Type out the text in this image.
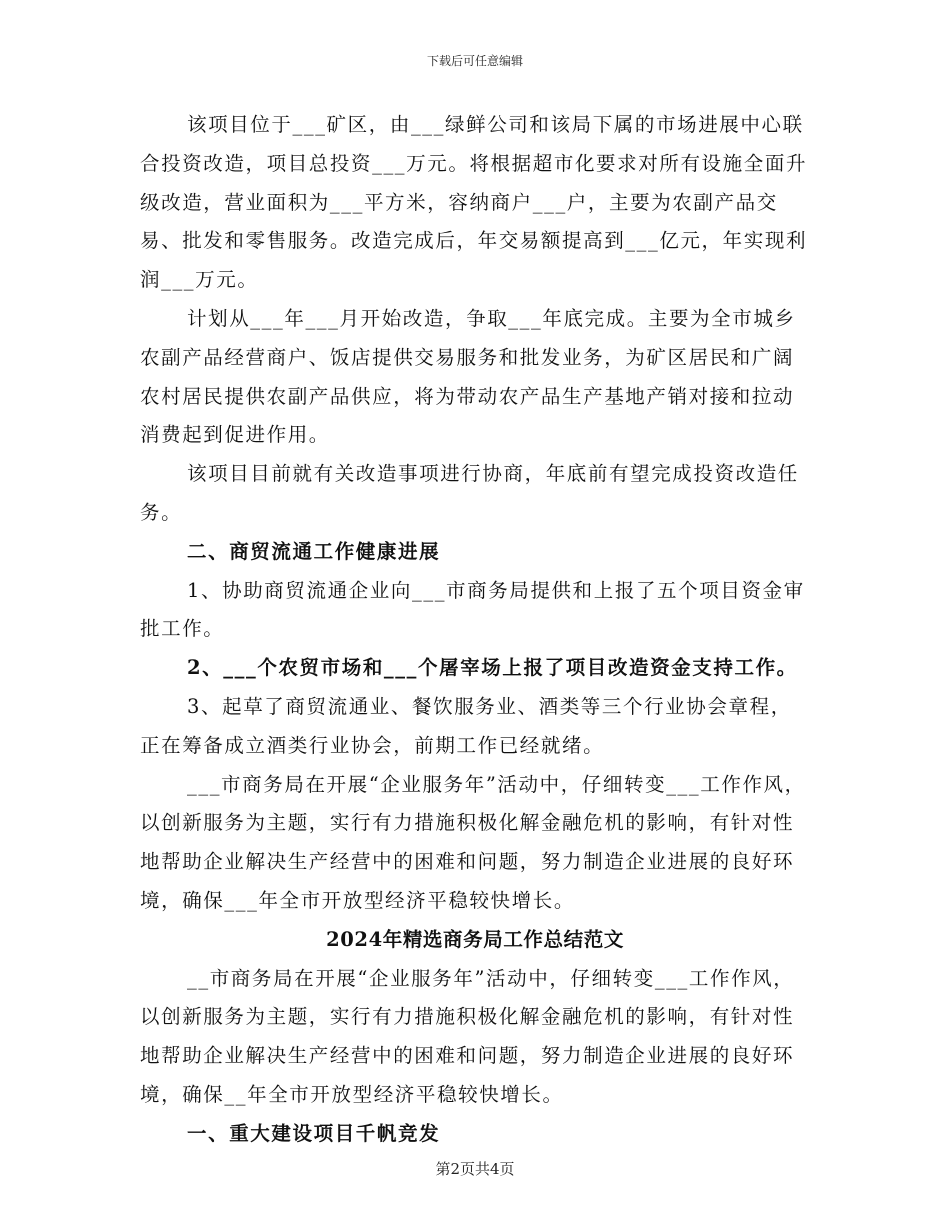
下载后可任意编辑

该项目位于___矿区，由___绿鲜公司和该局下属的市场进展中心联合投资改造，项目总投资___万元。将根据超市化要求对所有设施全面升级改造，营业面积为___平方米，容纳商户___户，主要为农副产品交易、批发和零售服务。改造完成后，年交易额提高到___亿元，年实现利润___万元。

计划从___年___月开始改造，争取___年底完成。主要为全市城乡农副产品经营商户、饭店提供交易服务和批发业务，为矿区居民和广阔农村居民提供农副产品供应，将为带动农产品生产基地产销对接和拉动消费起到促进作用。

该项目目前就有关改造事项进行协商，年底前有望完成投资改造任务。

二、商贸流通工作健康进展

1、协助商贸流通企业向___市商务局提供和上报了五个项目资金审批工作。

2、___个农贸市场和___个屠宰场上报了项目改造资金支持工作。

3、起草了商贸流通业、餐饮服务业、酒类等三个行业协会章程，正在筹备成立酒类行业协会，前期工作已经就绪。

___市商务局在开展“企业服务年”活动中，仔细转变___工作作风，以创新服务为主题，实行有力措施积极化解金融危机的影响，有针对性地帮助企业解决生产经营中的困难和问题，努力制造企业进展的良好环境，确保___年全市开放型经济平稳较快增长。

2024年精选商务局工作总结范文

__市商务局在开展“企业服务年”活动中，仔细转变___工作作风，以创新服务为主题，实行有力措施积极化解金融危机的影响，有针对性地帮助企业解决生产经营中的困难和问题，努力制造企业进展的良好环境，确保__年全市开放型经济平稳较快增长。

一、重大建设项目千帆竞发

第2页共4页
